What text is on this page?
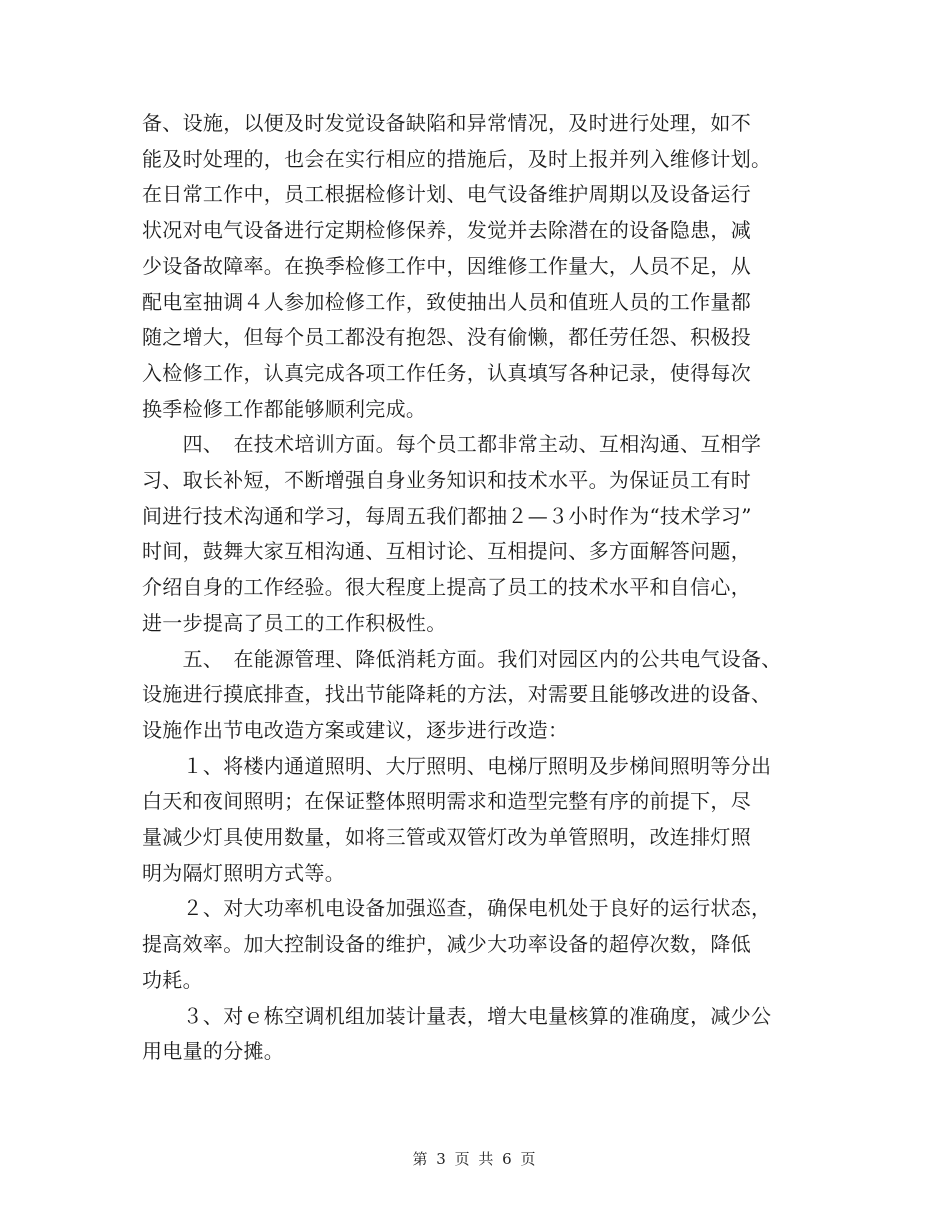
备、设施，以便及时发觉设备缺陷和异常情况，及时进行处理，如不
能及时处理的，也会在实行相应的措施后，及时上报并列入维修计划。
在日常工作中，员工根据检修计划、电气设备维护周期以及设备运行
状况对电气设备进行定期检修保养，发觉并去除潜在的设备隐患，减
少设备故障率。在换季检修工作中，因维修工作量大，人员不足，从
配电室抽调４人参加检修工作，致使抽出人员和值班人员的工作量都
随之增大，但每个员工都没有抱怨、没有偷懒，都任劳任怨、积极投
入检修工作，认真完成各项工作任务，认真填写各种记录，使得每次
换季检修工作都能够顺利完成。
　　四、　在技术培训方面。每个员工都非常主动、互相沟通、互相学
习、取长补短，不断增强自身业务知识和技术水平。为保证员工有时
间进行技术沟通和学习，每周五我们都抽２—３小时作为“技术学习”
时间，鼓舞大家互相沟通、互相讨论、互相提问、多方面解答问题，
介绍自身的工作经验。很大程度上提高了员工的技术水平和自信心，
进一步提高了员工的工作积极性。
　　五、　在能源管理、降低消耗方面。我们对园区内的公共电气设备、
设施进行摸底排查，找出节能降耗的方法，对需要且能够改进的设备、
设施作出节电改造方案或建议，逐步进行改造：
　　１、将楼内通道照明、大厅照明、电梯厅照明及步梯间照明等分出
白天和夜间照明；在保证整体照明需求和造型完整有序的前提下，尽
量减少灯具使用数量，如将三管或双管灯改为单管照明，改连排灯照
明为隔灯照明方式等。
　　２、对大功率机电设备加强巡查，确保电机处于良好的运行状态，
提高效率。加大控制设备的维护，减少大功率设备的超停次数，降低
功耗。
　　３、对ｅ栋空调机组加装计量表，增大电量核算的准确度，减少公
用电量的分摊。
第 3 页 共 6 页
